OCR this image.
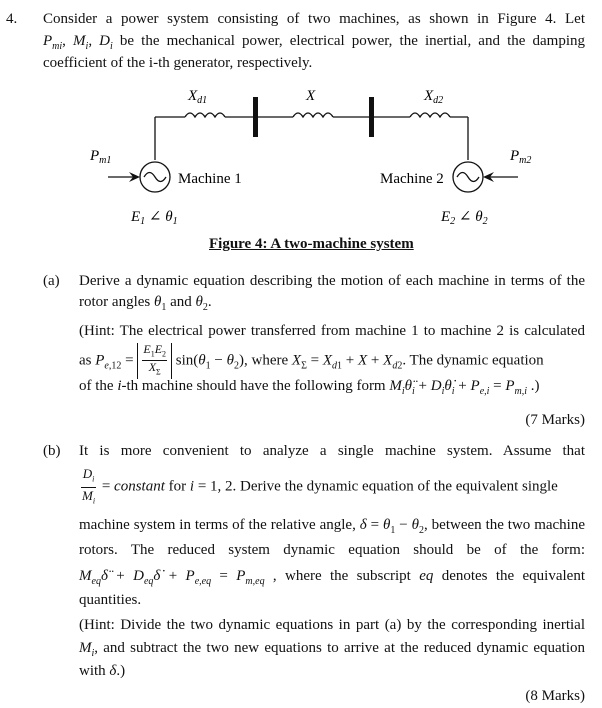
4. Consider a power system consisting of two machines, as shown in Figure 4. Let
$P_{mi}$, $M_i$, $D_i$ be the mechanical power, electrical power, the inertial, and the damping
coefficient of the i-th generator, respectively.
$X_{d1}$	X	$X_{d2}$
$P_{m1}$	$P_{m2}$
Machine 1	Machine 2
$E_1$ ∠ $\theta_1$	$E_2$ ∠ $\theta_2$
Figure 4: A two-machine system
(a) Derive a dynamic equation describing the motion of each machine in terms of the
rotor angles $\theta_1$ and $\theta_2$.
(Hint: The electrical power transferred from machine 1 to machine 2 is calculated
as $P_{e,12} = \frac{E_1E_2}{X_\Sigma} \sin(\theta_1 - \theta_2)$, where $X_\Sigma = X_{d1} + X + X_{d2}$. The dynamic equation
of the i-th machine should have the following form $M_i\thetä_i$ + $D_i\thetȧ_i + P_{e,i} = P_{m,i}$ .)
(7 Marks)
(b) It is more convenient to analyze a single machine system. Assume that
$\frac{D_i}{M_i}$ = constant for i = 1, 2. Derive the dynamic equation of the equivalent single
machine system in terms of the relative angle, $\delta = \theta_1 - \theta_2$, between the two machine
rotors. The reduced system dynamic equation should be of the form:
$M_{eq}\deltä$ + $D_{eq}\deltȧ + P_{e,eq} = P_{m,eq}$ , where the subscript eq denotes the equivalent
quantities.
(Hint: Divide the two dynamic equations in part (a) by the corresponding inertial
$M_i$, and subtract the two new equations to arrive at the reduced dynamic equation
with δ.)
(8 Marks)
